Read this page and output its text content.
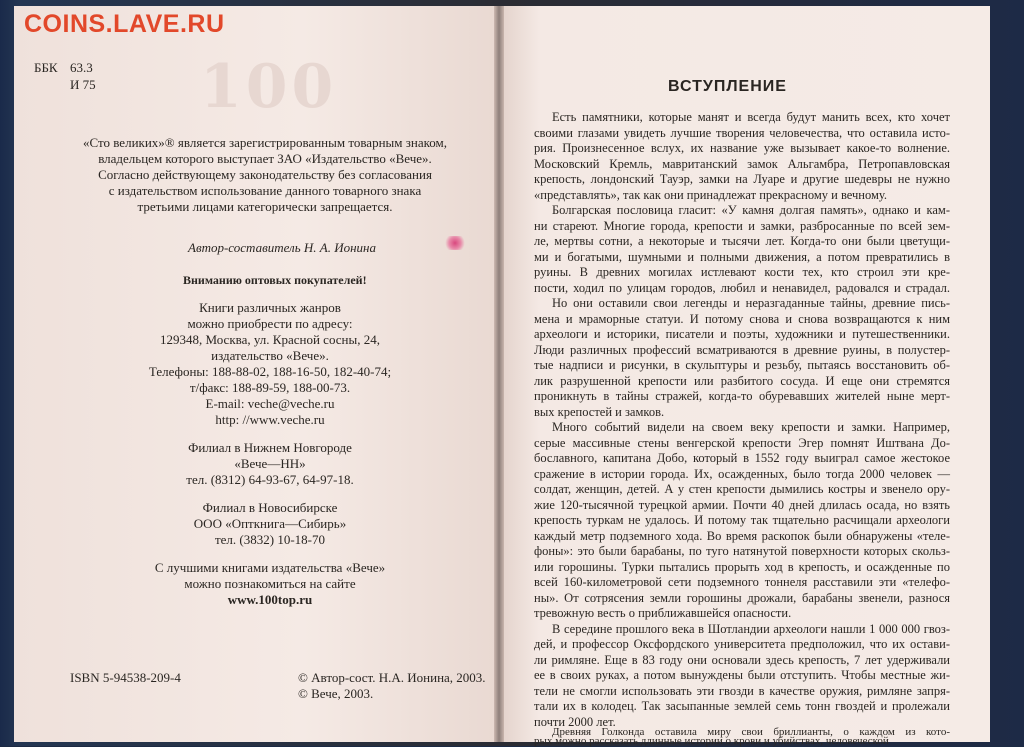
COINS.LAVE.RU
100
ББК 63.3
И 75
«Сто великих»® является зарегистрированным товарным знаком,
владельцем которого выступает ЗАО «Издательство «Вече».
Согласно действующему законодательству без согласования
с издательством использование данного товарного знака
третьими лицами категорически запрещается.
Автор-составитель Н. А. Ионина
Вниманию оптовых покупателей!
Книги различных жанров
можно приобрести по адресу:
129348, Москва, ул. Красной сосны, 24,
издательство «Вече».
Телефоны: 188-88-02, 188-16-50, 182-40-74;
т/факс: 188-89-59, 188-00-73.
E-mail: veche@veche.ru
http: //www.veche.ru
Филиал в Нижнем Новгороде
«Вече—НН»
тел. (8312) 64-93-67, 64-97-18.
Филиал в Новосибирске
ООО «Опткнига—Сибирь»
тел. (3832) 10-18-70
С лучшими книгами издательства «Вече»
можно познакомиться на сайте
www.100top.ru
ISBN 5-94538-209-4	© Автор-сост. Н.А. Ионина, 2003.
© Вече, 2003.
ВСТУПЛЕНИЕ
Есть памятники, которые манят и всегда будут манить всех, кто хочет
своими глазами увидеть лучшие творения человечества, что оставила исто-
рия. Произнесенное вслух, их название уже вызывает какое-то волнение.
Московский Кремль, мавританский замок Альгамбра, Петропавловская
крепость, лондонский Тауэр, замки на Луаре и другие шедевры не нужно
«представлять», так как они принадлежат прекрасному и вечному.
Болгарская пословица гласит: «У камня долгая память», однако и кам-
ни стареют. Многие города, крепости и замки, разбросанные по всей зем-
ле, мертвы сотни, а некоторые и тысячи лет. Когда-то они были цветущи-
ми и богатыми, шумными и полными движения, а потом превратились в
руины. В древних могилах истлевают кости тех, кто строил эти кре-
пости, ходил по улицам городов, любил и ненавидел, радовался и страдал.
Но они оставили свои легенды и неразгаданные тайны, древние пись-
мена и мраморные статуи. И потому снова и снова возвращаются к ним
археологи и историки, писатели и поэты, художники и путешественники.
Люди различных профессий всматриваются в древние руины, в полустер-
тые надписи и рисунки, в скульптуры и резьбу, пытаясь восстановить об-
лик разрушенной крепости или разбитого сосуда. И еще они стремятся
проникнуть в тайны стражей, когда-то обуревавших жителей ныне мерт-
вых крепостей и замков.
Много событий видели на своем веку крепости и замки. Например,
серые массивные стены венгерской крепости Эгер помнят Иштвана До-
бославного, капитана Добо, который в 1552 году выиграл самое жестокое
сражение в истории города. Их, осажденных, было тогда 2000 человек —
солдат, женщин, детей. А у стен крепости дымились костры и звенело ору-
жие 120-тысячной турецкой армии. Почти 40 дней длилась осада, но взять
крепость туркам не удалось. И потому так тщательно расчищали археологи
каждый метр подземного хода. Во время раскопок были обнаружены «теле-
фоны»: это были барабаны, по туго натянутой поверхности которых скольз-
или горошины. Турки пытались прорыть ход в крепость, и осажденные по
всей 160-километровой сети подземного тоннеля расставили эти «телефо-
ны». От сотрясения земли горошины дрожали, барабаны звенели, разнося
тревожную весть о приближавшейся опасности.
В середине прошлого века в Шотландии археологи нашли 1 000 000 гвоз-
дей, и профессор Оксфордского университета предположил, что их остави-
ли римляне. Еще в 83 году они основали здесь крепость, 7 лет удерживали
ее в своих руках, а потом вынуждены были отступить. Чтобы местные жи-
тели не смогли использовать эти гвозди в качестве оружия, римляне запря-
тали их в колодец. Так засыпанные землей семь тонн гвоздей и пролежали
почти 2000 лет.
Древняя Голконда оставила миру свои бриллианты, о каждом из кото-
рых можно рассказать длинные истории о крови и убийствах, человеческой
